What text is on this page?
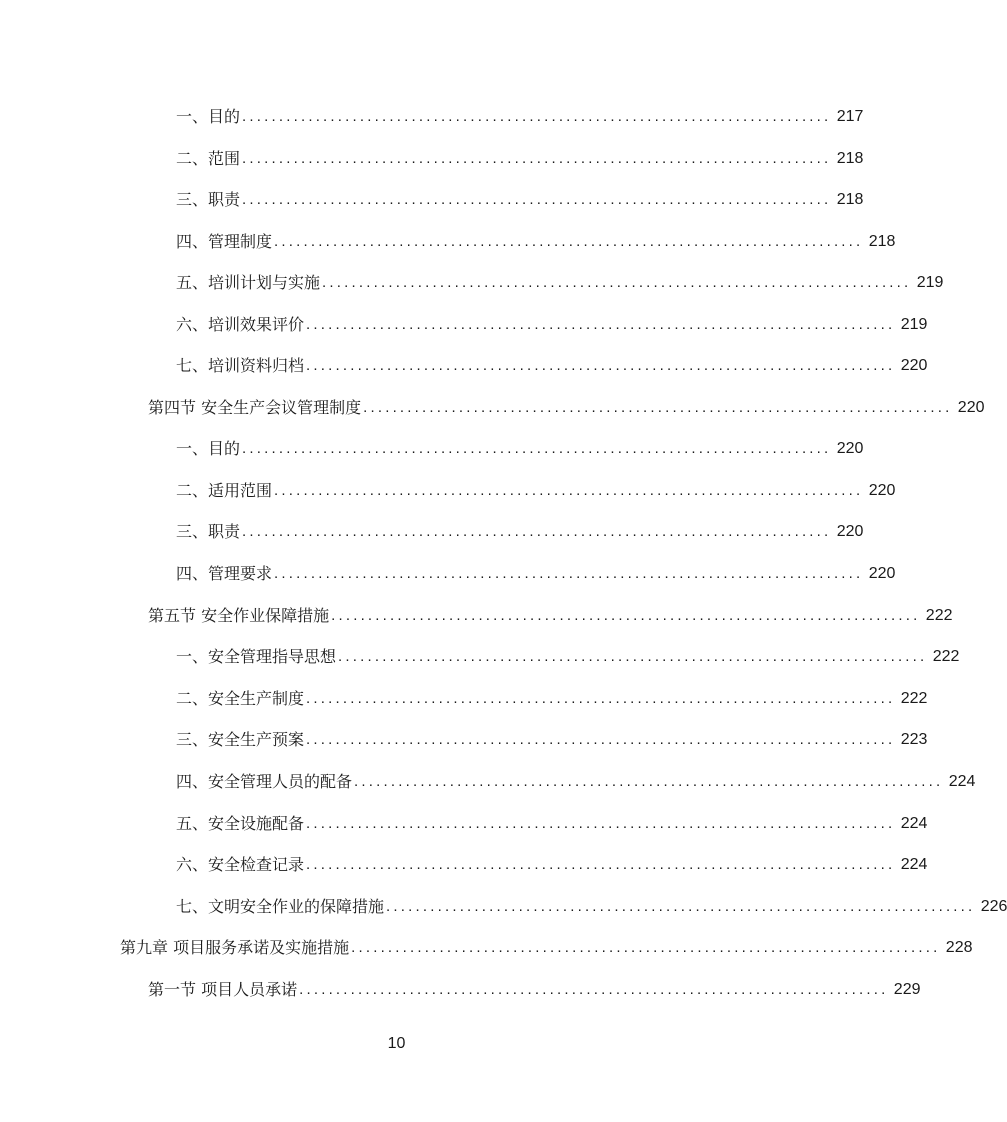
一、目的 ................................................................................ 217
二、范围 ................................................................................ 218
三、职责 ................................................................................ 218
四、管理制度 ................................................................................ 218
五、培训计划与实施 ................................................................................ 219
六、培训效果评价 ................................................................................ 219
七、培训资料归档 ................................................................................ 220
第四节 安全生产会议管理制度 ................................................................................ 220
一、目的 ................................................................................ 220
二、适用范围 ................................................................................ 220
三、职责 ................................................................................ 220
四、管理要求 ................................................................................ 220
第五节 安全作业保障措施 ................................................................................ 222
一、安全管理指导思想 ................................................................................ 222
二、安全生产制度 ................................................................................ 222
三、安全生产预案 ................................................................................ 223
四、安全管理人员的配备 ................................................................................ 224
五、安全设施配备 ................................................................................ 224
六、安全检查记录 ................................................................................ 224
七、文明安全作业的保障措施 ................................................................................ 226
第九章 项目服务承诺及实施措施 ................................................................................ 228
第一节 项目人员承诺 ................................................................................ 229
10
